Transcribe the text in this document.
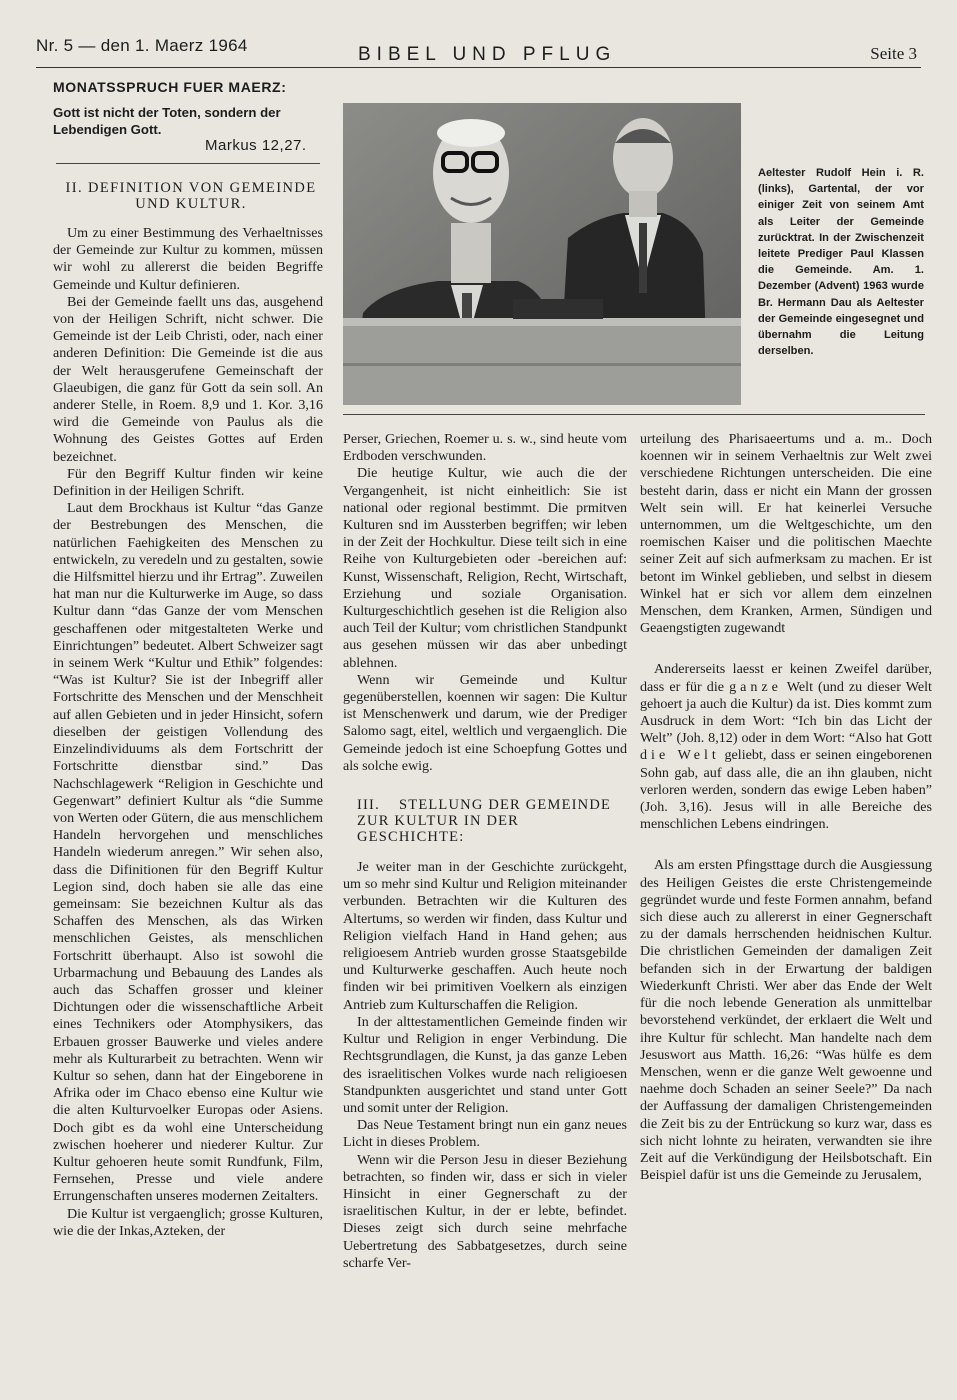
Nr. 5 — den 1. Maerz 1964	BIBEL UND PFLUG	Seite 3
MONATSSPRUCH FUER MAERZ:
Gott ist nicht der Toten, sondern der Lebendigen Gott.
Markus 12,27.
II. DEFINITION VON GEMEINDE UND KULTUR.

Um zu einer Bestimmung des Verhaeltnisses der Gemeinde zur Kultur zu kommen, müssen wir wohl zu allererst die beiden Begriffe Gemeinde und Kultur definieren.

Bei der Gemeinde faellt uns das, ausgehend von der Heiligen Schrift, nicht schwer. Die Gemeinde ist der Leib Christi, oder, nach einer anderen Definition: Die Gemeinde ist die aus der Welt herausgerufene Gemeinschaft der Glaeubigen, die ganz für Gott da sein soll. An anderer Stelle, in Roem. 8,9 und 1. Kor. 3,16 wird die Gemeinde von Paulus als die Wohnung des Geistes Gottes auf Erden bezeichnet.

Für den Begriff Kultur finden wir keine Definition in der Heiligen Schrift.

Laut dem Brockhaus ist Kultur “das Ganze der Bestrebungen des Menschen, die natürlichen Faehigkeiten des Menschen zu entwickeln, zu veredeln und zu gestalten, sowie die Hilfsmittel hierzu und ihr Ertrag”. Zuweilen hat man nur die Kulturwerke im Auge, so dass Kultur dann “das Ganze der vom Menschen geschaffenen oder mitgestalteten Werke und Einrichtungen” bedeutet. Albert Schweizer sagt in seinem Werk “Kultur und Ethik” folgendes: “Was ist Kultur? Sie ist der Inbegriff aller Fortschritte des Menschen und der Menschheit auf allen Gebieten und in jeder Hinsicht, sofern dieselben der geistigen Vollendung des Einzelindividuums als dem Fortschritt der Fortschritte dienstbar sind.” Das Nachschlagewerk “Religion in Geschichte und Gegenwart” definiert Kultur als “die Summe von Werten oder Gütern, die aus menschlichem Handeln hervorgehen und menschliches Handeln wiederum anregen.” Wir sehen also, dass die Difinitionen für den Begriff Kultur Legion sind, doch haben sie alle das eine gemeinsam: Sie bezeichnen Kultur als das Schaffen des Menschen, als das Wirken menschlichen Geistes, als menschlichen Fortschritt überhaupt. Also ist sowohl die Urbarmachung und Bebauung des Landes als auch das Schaffen grosser und kleiner Dichtungen oder die wissenschaftliche Arbeit eines Technikers oder Atomphysikers, das Erbauen grosser Bauwerke und vieles andere mehr als Kulturarbeit zu betrachten. Wenn wir Kultur so sehen, dann hat der Eingeborene in Afrika oder im Chaco ebenso eine Kultur wie die alten Kulturvoelker Europas oder Asiens. Doch gibt es da wohl eine Unterscheidung zwischen hoeherer und niederer Kultur. Zur Kultur gehoeren heute somit Rundfunk, Film, Fernsehen, Presse und viele andere Errungenschaften unseres modernen Zeitalters.

Die Kultur ist vergaenglich; grosse Kulturen, wie die der Inkas,Azteken, der

Aeltester Rudolf Hein i. R. (links), Gartental, der vor einiger Zeit von seinem Amt als Leiter der Gemeinde zurücktrat. In der Zwischenzeit leitete Prediger Paul Klassen die Gemeinde. Am. 1. Dezember (Advent) 1963 wurde Br. Hermann Dau als Aeltester der Gemeinde eingesegnet und übernahm die Leitung derselben.

Perser, Griechen, Roemer u. s. w., sind heute vom Erdboden verschwunden.

Die heutige Kultur, wie auch die der Vergangenheit, ist nicht einheitlich: Sie ist national oder regional bestimmt. Die prmitven Kulturen snd im Aussterben begriffen; wir leben in der Zeit der Hochkultur. Diese teilt sich in eine Reihe von Kulturgebieten oder -bereichen auf: Kunst, Wissenschaft, Religion, Recht, Wirtschaft, Erziehung und soziale Organisation. Kulturgeschichtlich gesehen ist die Religion also auch Teil der Kultur; vom christlichen Standpunkt aus gesehen müssen wir das aber unbedingt ablehnen.

Wenn wir Gemeinde und Kultur gegenüberstellen, koennen wir sagen: Die Kultur ist Menschenwerk und darum, wie der Prediger Salomo sagt, eitel, weltlich und vergaenglich. Die Gemeinde jedoch ist eine Schoepfung Gottes und als solche ewig.

III. STELLUNG DER GEMEINDE ZUR KULTUR IN DER GESCHICHTE:

Je weiter man in der Geschichte zurückgeht, um so mehr sind Kultur und Religion miteinander verbunden. Betrachten wir die Kulturen des Altertums, so werden wir finden, dass Kultur und Religion vielfach Hand in Hand gehen; aus religioesem Antrieb wurden grosse Staatsgebilde und Kulturwerke geschaffen. Auch heute noch finden wir bei primitiven Voelkern als einzigen Antrieb zum Kulturschaffen die Religion.

In der alttestamentlichen Gemeinde finden wir Kultur und Religion in enger Verbindung. Die Rechtsgrundlagen, die Kunst, ja das ganze Leben des israelitischen Volkes wurde nach religioesen Standpunkten ausgerichtet und stand unter Gott und somit unter der Religion.

Das Neue Testament bringt nun ein ganz neues Licht in dieses Problem.

Wenn wir die Person Jesu in dieser Beziehung betrachten, so finden wir, dass er sich in vieler Hinsicht in einer Gegnerschaft zu der israelitischen Kultur, in der er lebte, befindet. Dieses zeigt sich durch seine mehrfache Uebertretung des Sabbatgesetzes, durch seine scharfe Ver-

urteilung des Pharisaeertums und a. m.. Doch koennen wir in seinem Verhaeltnis zur Welt zwei verschiedene Richtungen unterscheiden. Die eine besteht darin, dass er nicht ein Mann der grossen Welt sein will. Er hat keinerlei Versuche unternommen, um die Weltgeschichte, um den roemischen Kaiser und die politischen Maechte seiner Zeit auf sich aufmerksam zu machen. Er ist betont im Winkel geblieben, und selbst in diesem Winkel hat er sich vor allem dem einzelnen Menschen, dem Kranken, Armen, Sündigen und Geaengstigten zugewandt

Andererseits laesst er keinen Zweifel darüber, dass er für die ganze Welt (und zu dieser Welt gehoert ja auch die Kultur) da ist. Dies kommt zum Ausdruck in dem Wort: “Ich bin das Licht der Welt” (Joh. 8,12) oder in dem Wort: “Also hat Gott die Welt geliebt, dass er seinen eingeborenen Sohn gab, auf dass alle, die an ihn glauben, nicht verloren werden, sondern das ewige Leben haben” (Joh. 3,16). Jesus will in alle Bereiche des menschlichen Lebens eindringen.

Als am ersten Pfingsttage durch die Ausgiessung des Heiligen Geistes die erste Christengemeinde gegründet wurde und feste Formen annahm, befand sich diese auch zu allererst in einer Gegnerschaft zu der damals herrschenden heidnischen Kultur. Die christlichen Gemeinden der damaligen Zeit befanden sich in der Erwartung der baldigen Wiederkunft Christi. Wer aber das Ende der Welt für die noch lebende Generation als unmittelbar bevorstehend verkündet, der erklaert die Welt und ihre Kultur für schlecht. Man handelte nach dem Jesuswort aus Matth. 16,26: “Was hülfe es dem Menschen, wenn er die ganze Welt gewoenne und naehme doch Schaden an seiner Seele?” Da nach der Auffassung der damaligen Christengemeinden die Zeit bis zu der Entrückung so kurz war, dass es sich nicht lohnte zu heiraten, verwandten sie ihre Zeit auf die Verkündigung der Heilsbotschaft. Ein Beispiel dafür ist uns die Gemeinde zu Jerusalem,
